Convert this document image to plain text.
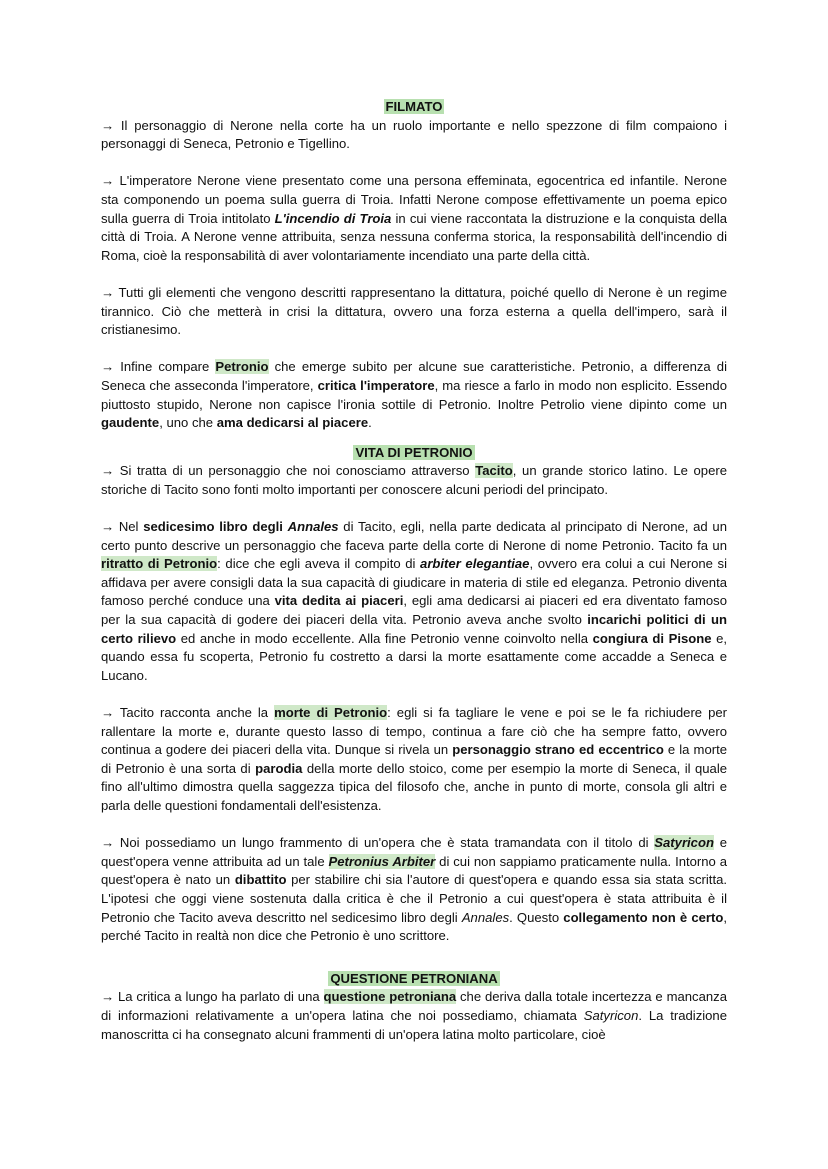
FILMATO

→ Il personaggio di Nerone nella corte ha un ruolo importante e nello spezzone di film compaiono i personaggi di Seneca, Petronio e Tigellino.

→ L'imperatore Nerone viene presentato come una persona effeminata, egocentrica ed infantile. Nerone sta componendo un poema sulla guerra di Troia. Infatti Nerone compose effettivamente un poema epico sulla guerra di Troia intitolato L'incendio di Troia in cui viene raccontata la distruzione e la conquista della città di Troia. A Nerone venne attribuita, senza nessuna conferma storica, la responsabilità dell'incendio di Roma, cioè la responsabilità di aver volontariamente incendiato una parte della città.

→ Tutti gli elementi che vengono descritti rappresentano la dittatura, poiché quello di Nerone è un regime tirannico. Ciò che metterà in crisi la dittatura, ovvero una forza esterna a quella dell'impero, sarà il cristianesimo.

→ Infine compare Petronio che emerge subito per alcune sue caratteristiche. Petronio, a differenza di Seneca che asseconda l'imperatore, critica l'imperatore, ma riesce a farlo in modo non esplicito. Essendo piuttosto stupido, Nerone non capisce l'ironia sottile di Petronio. Inoltre Petrolio viene dipinto come un gaudente, uno che ama dedicarsi al piacere.

VITA DI PETRONIO

→ Si tratta di un personaggio che noi conosciamo attraverso Tacito, un grande storico latino. Le opere storiche di Tacito sono fonti molto importanti per conoscere alcuni periodi del principato.

→ Nel sedicesimo libro degli Annales di Tacito, egli, nella parte dedicata al principato di Nerone, ad un certo punto descrive un personaggio che faceva parte della corte di Nerone di nome Petronio. Tacito fa un ritratto di Petronio: dice che egli aveva il compito di arbiter elegantiae, ovvero era colui a cui Nerone si affidava per avere consigli data la sua capacità di giudicare in materia di stile ed eleganza. Petronio diventa famoso perché conduce una vita dedita ai piaceri, egli ama dedicarsi ai piaceri ed era diventato famoso per la sua capacità di godere dei piaceri della vita. Petronio aveva anche svolto incarichi politici di un certo rilievo ed anche in modo eccellente. Alla fine Petronio venne coinvolto nella congiura di Pisone e, quando essa fu scoperta, Petronio fu costretto a darsi la morte esattamente come accadde a Seneca e Lucano.

→ Tacito racconta anche la morte di Petronio: egli si fa tagliare le vene e poi se le fa richiudere per rallentare la morte e, durante questo lasso di tempo, continua a fare ciò che ha sempre fatto, ovvero continua a godere dei piaceri della vita. Dunque si rivela un personaggio strano ed eccentrico e la morte di Petronio è una sorta di parodia della morte dello stoico, come per esempio la morte di Seneca, il quale fino all'ultimo dimostra quella saggezza tipica del filosofo che, anche in punto di morte, consola gli altri e parla delle questioni fondamentali dell'esistenza.

→ Noi possediamo un lungo frammento di un'opera che è stata tramandata con il titolo di Satyricon e quest'opera venne attribuita ad un tale Petronius Arbiter di cui non sappiamo praticamente nulla. Intorno a quest'opera è nato un dibattito per stabilire chi sia l'autore di quest'opera e quando essa sia stata scritta. L'ipotesi che oggi viene sostenuta dalla critica è che il Petronio a cui quest'opera è stata attribuita è il Petronio che Tacito aveva descritto nel sedicesimo libro degli Annales. Questo collegamento non è certo, perché Tacito in realtà non dice che Petronio è uno scrittore.

QUESTIONE PETRONIANA

→ La critica a lungo ha parlato di una questione petroniana che deriva dalla totale incertezza e mancanza di informazioni relativamente a un'opera latina che noi possediamo, chiamata Satyricon. La tradizione manoscritta ci ha consegnato alcuni frammenti di un'opera latina molto particolare, cioè
